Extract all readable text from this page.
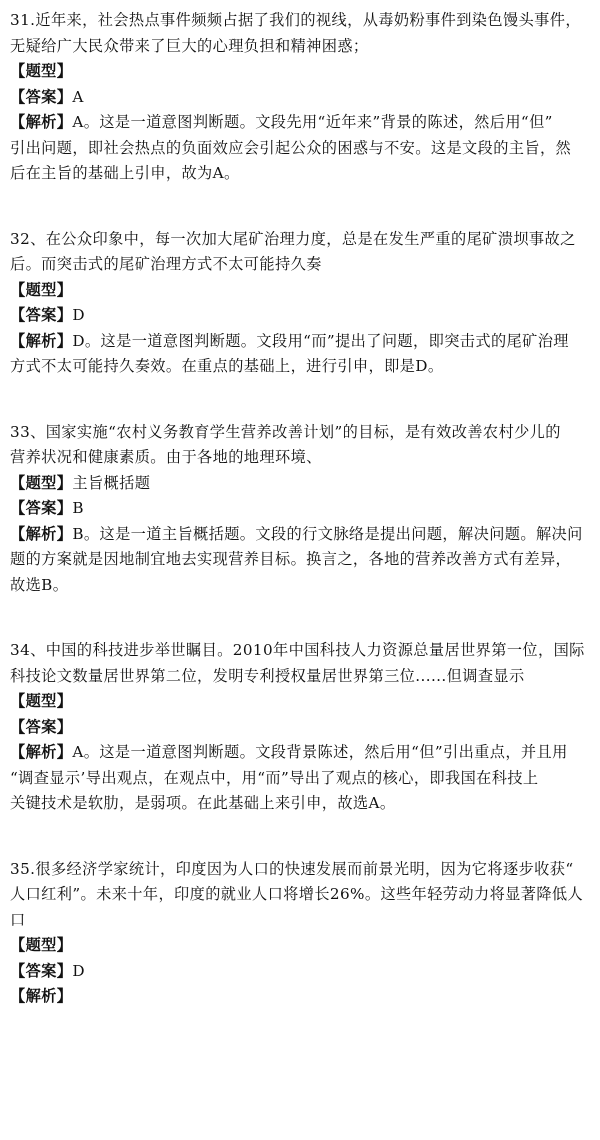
31.近年来，社会热点事件频频占据了我们的视线，从毒奶粉事件到染色馒头事件，
无疑给广大民众带来了巨大的心理负担和精神困惑；
【题型】
【答案】A
【解析】A。这是一道意图判断题。文段先用“近年来”背景的陈述，然后用“但”
引出问题，即社会热点的负面效应会引起公众的困惑与不安。这是文段的主旨，然
后在主旨的基础上引申，故为A。
32、在公众印象中，每一次加大尾矿治理力度，总是在发生严重的尾矿溃坝事故之
后。而突击式的尾矿治理方式不太可能持久奏
【题型】
【答案】D
【解析】D。这是一道意图判断题。文段用“而”提出了问题，即突击式的尾矿治理
方式不太可能持久奏效。在重点的基础上，进行引申，即是D。
33、国家实施“农村义务教育学生营养改善计划”的目标，是有效改善农村少儿的
营养状况和健康素质。由于各地的地理环境、
【题型】主旨概括题
【答案】B
【解析】B。这是一道主旨概括题。文段的行文脉络是提出问题，解决问题。解决问
题的方案就是因地制宜地去实现营养目标。换言之，各地的营养改善方式有差异，
故选B。
34、中国的科技进步举世瞩目。2010年中国科技人力资源总量居世界第一位，国际
科技论文数量居世界第二位，发明专利授权量居世界第三位......但调查显示
【题型】
【答案】
【解析】A。这是一道意图判断题。文段背景陈述，然后用“但”引出重点，并且用
“调查显示’导出观点，在观点中，用“而”导出了观点的核心，即我国在科技上
关键技术是软肋，是弱项。在此基础上来引申，故选A。
35.很多经济学家统计，印度因为人口的快速发展而前景光明，因为它将逐步收获“
人口红利”。未来十年，印度的就业人口将增长26%。这些年轻劳动力将显著降低人
口
【题型】
【答案】D
【解析】
